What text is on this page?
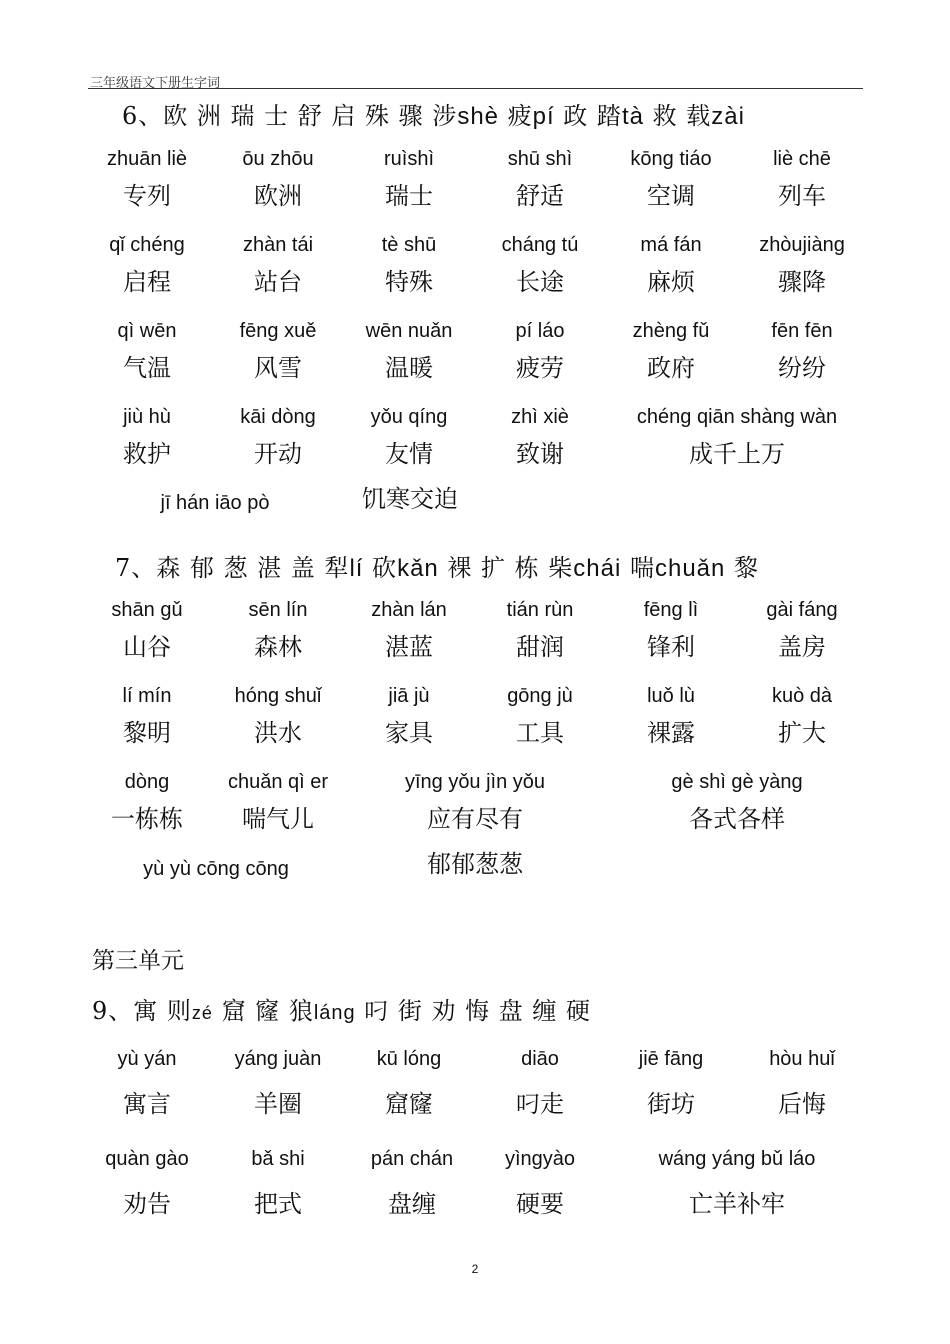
三年级语文下册生字词
6、欧 洲 瑞 士 舒 启 殊 骤 涉shè 疲pí 政 踏tà 救 载zài
zhuān liè
专列
ōu zhōu
欧洲
ruìshì
瑞士
shū shì
舒适
kōng tiáo
空调
liè chē
列车
qǐ chéng
启程
zhàn tái
站台
tè shū
特殊
cháng tú
长途
má fán
麻烦
zhòujiàng
骤降
qì wēn
气温
fēng xuě
风雪
wēn nuǎn
温暖
pí láo
疲劳
zhèng fǔ
政府
fēn fēn
纷纷
jiù hù
救护
kāi dòng
开动
yǒu qíng
友情
zhì xiè
致谢
chéng qiān shàng wàn
成千上万
jī hán iāo pò	饥寒交迫
7、森 郁 葱 湛 盖 犁lí 砍kǎn 裸 扩 栋 柴chái 喘chuǎn 黎
shān gǔ
山谷
sēn lín
森林
zhàn lán
湛蓝
tián rùn
甜润
fēng lì
锋利
gài fáng
盖房
lí mín
黎明
hóng shuǐ
洪水
jiā jù
家具
gōng jù
工具
luǒ lù
裸露
kuò dà
扩大
dòng
一栋栋
chuǎn qì er
喘气儿
yīng yǒu jìn yǒu
应有尽有
gè shì gè yàng
各式各样
yù yù cōng cōng	郁郁葱葱
第三单元
9、寓 则zé 窟 窿 狼láng 叼 街 劝 悔 盘 缠 硬
yù yán
寓言
yáng juàn
羊圈
kū lóng
窟窿
diāo
叼走
jiē fāng
街坊
hòu huǐ
后悔
quàn gào
劝告
bǎ shi
把式
pán chán
盘缠
yìngyào
硬要
wáng yáng bǔ láo
亡羊补牢
2
